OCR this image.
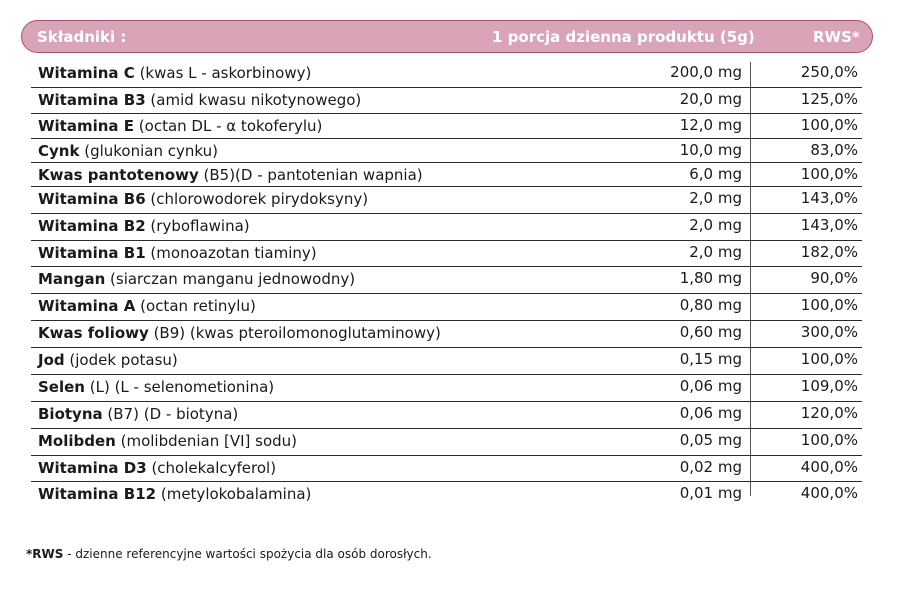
Składniki :	1 porcja dzienna produktu (5g)	RWS*
Witamina C (kwas L - askorbinowy)	200,0 mg	250,0%
Witamina B3 (amid kwasu nikotynowego)	20,0 mg	125,0%
Witamina E (octan DL - α tokoferylu)	12,0 mg	100,0%
Cynk (glukonian cynku)	10,0 mg	83,0%
Kwas pantotenowy (B5)(D - pantotenian wapnia)	6,0 mg	100,0%
Witamina B6 (chlorowodorek pirydoksyny)	2,0 mg	143,0%
Witamina B2 (ryboflawina)	2,0 mg	143,0%
Witamina B1 (monoazotan tiaminy)	2,0 mg	182,0%
Mangan (siarczan manganu jednowodny)	1,80 mg	90,0%
Witamina A (octan retinylu)	0,80 mg	100,0%
Kwas foliowy (B9) (kwas pteroilomonoglutaminowy)	0,60 mg	300,0%
Jod (jodek potasu)	0,15 mg	100,0%
Selen (L) (L - selenometionina)	0,06 mg	109,0%
Biotyna (B7) (D - biotyna)	0,06 mg	120,0%
Molibden (molibdenian [VI] sodu)	0,05 mg	100,0%
Witamina D3 (cholekalcyferol)	0,02 mg	400,0%
Witamina B12 (metylokobalamina)	0,01 mg	400,0%
*RWS - dzienne referencyjne wartości spożycia dla osób dorosłych.
